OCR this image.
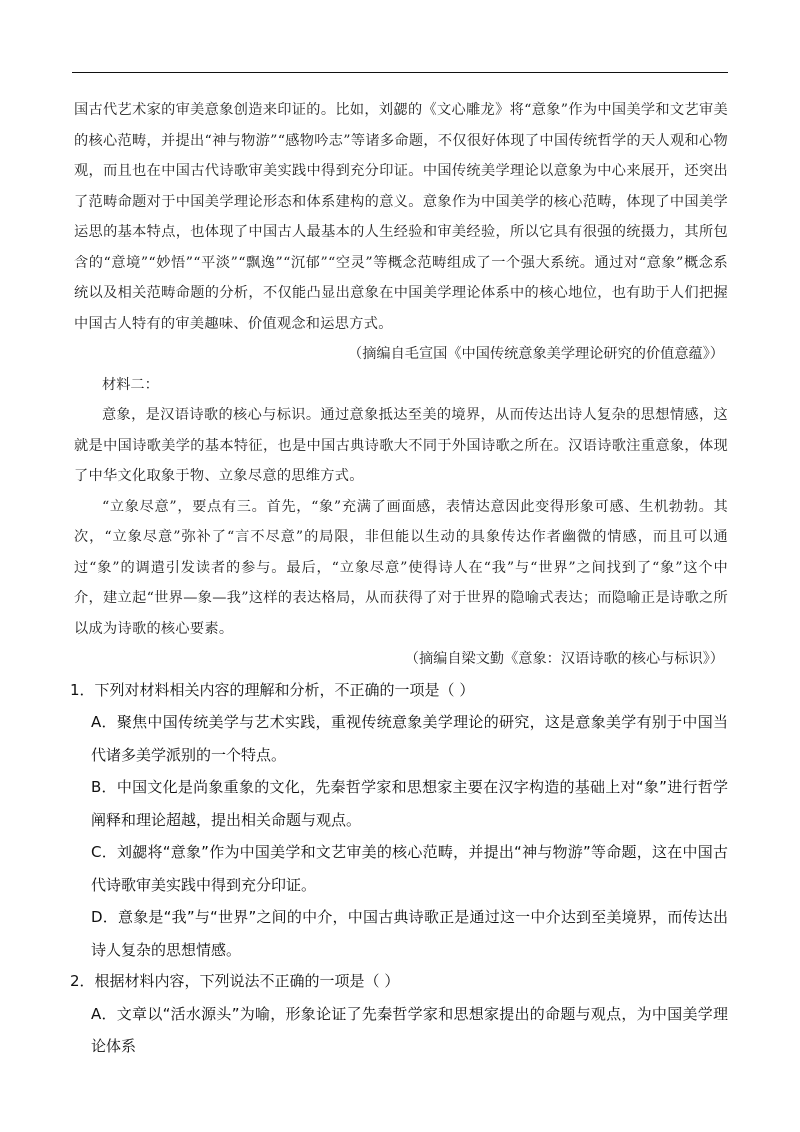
国古代艺术家的审美意象创造来印证的。比如，刘勰的《文心雕龙》将“意象”作为中国美学和文艺审美的核心范畴，并提出“神与物游”“感物吟志”等诸多命题，不仅很好体现了中国传统哲学的天人观和心物观，而且也在中国古代诗歌审美实践中得到充分印证。中国传统美学理论以意象为中心来展开，还突出了范畴命题对于中国美学理论形态和体系建构的意义。意象作为中国美学的核心范畴，体现了中国美学运思的基本特点，也体现了中国古人最基本的人生经验和审美经验，所以它具有很强的统摄力，其所包含的“意境”“妙悟”“平淡”“飘逸”“沉郁”“空灵”等概念范畴组成了一个强大系统。通过对“意象”概念系统以及相关范畴命题的分析，不仅能凸显出意象在中国美学理论体系中的核心地位，也有助于人们把握中国古人特有的审美趣味、价值观念和运思方式。

（摘编自毛宣国《中国传统意象美学理论研究的价值意蕴》）

材料二：

意象，是汉语诗歌的核心与标识。通过意象抵达至美的境界，从而传达出诗人复杂的思想情感，这就是中国诗歌美学的基本特征，也是中国古典诗歌大不同于外国诗歌之所在。汉语诗歌注重意象，体现了中华文化取象于物、立象尽意的思维方式。

“立象尽意”，要点有三。首先，“象”充满了画面感，表情达意因此变得形象可感、生机勃勃。其次，“立象尽意”弥补了“言不尽意”的局限，非但能以生动的具象传达作者幽微的情感，而且可以通过“象”的调遣引发读者的参与。最后，“立象尽意”使得诗人在“我”与“世界”之间找到了“象”这个中介，建立起“世界—象—我”这样的表达格局，从而获得了对于世界的隐喻式表达；而隐喻正是诗歌之所以成为诗歌的核心要素。

（摘编自梁文勤《意象：汉语诗歌的核心与标识》）

1．下列对材料相关内容的理解和分析，不正确的一项是（ ）

A．聚焦中国传统美学与艺术实践，重视传统意象美学理论的研究，这是意象美学有别于中国当代诸多美学派别的一个特点。

B．中国文化是尚象重象的文化，先秦哲学家和思想家主要在汉字构造的基础上对“象”进行哲学阐释和理论超越，提出相关命题与观点。

C．刘勰将“意象”作为中国美学和文艺审美的核心范畴，并提出“神与物游”等命题，这在中国古代诗歌审美实践中得到充分印证。

D．意象是“我”与“世界”之间的中介，中国古典诗歌正是通过这一中介达到至美境界，而传达出诗人复杂的思想情感。

2．根据材料内容，下列说法不正确的一项是（ ）

A．文章以“活水源头”为喻，形象论证了先秦哲学家和思想家提出的命题与观点，为中国美学理论体系
